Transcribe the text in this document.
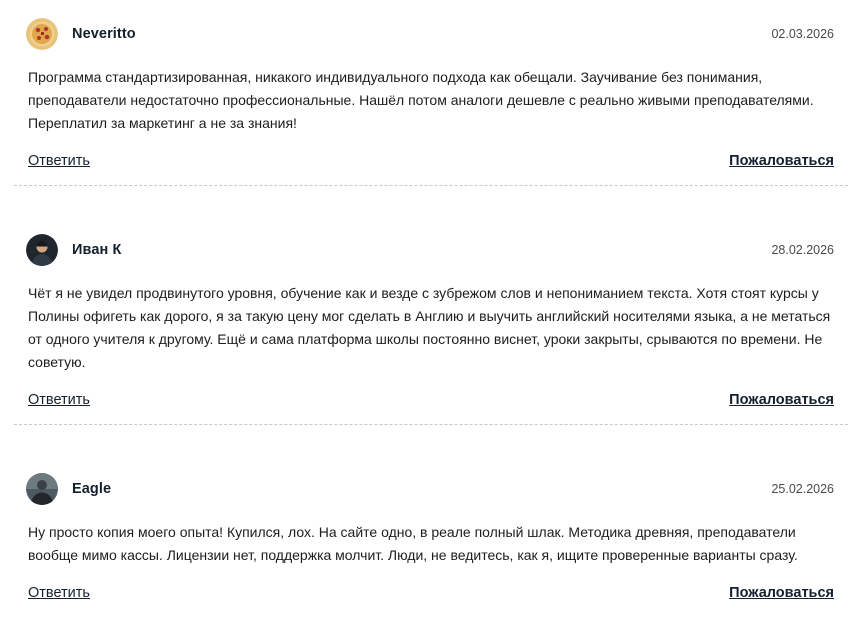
Neveritto	02.03.2026
Программа стандартизированная, никакого индивидуального подхода как обещали. Заучивание без понимания, преподаватели недостаточно профессиональные. Нашёл потом аналоги дешевле с реально живыми преподавателями. Переплатил за маркетинг а не за знания!
Ответить	Пожаловаться
Иван К	28.02.2026
Чёт я не увидел продвинутого уровня, обучение как и везде с зубрежом слов и непониманием текста. Хотя стоят курсы у Полины офигеть как дорого, я за такую цену мог сделать в Англию и выучить английский носителями языка, а не метаться от одного учителя к другому. Ещё и сама платформа школы постоянно виснет, уроки закрыты, срываются по времени. Не советую.
Ответить	Пожаловаться
Eagle	25.02.2026
Ну просто копия моего опыта! Купился, лох. На сайте одно, в реале полный шлак. Методика древняя, преподаватели вообще мимо кассы. Лицензии нет, поддержка молчит. Люди, не ведитесь, как я, ищите проверенные варианты сразу.
Ответить	Пожаловаться
